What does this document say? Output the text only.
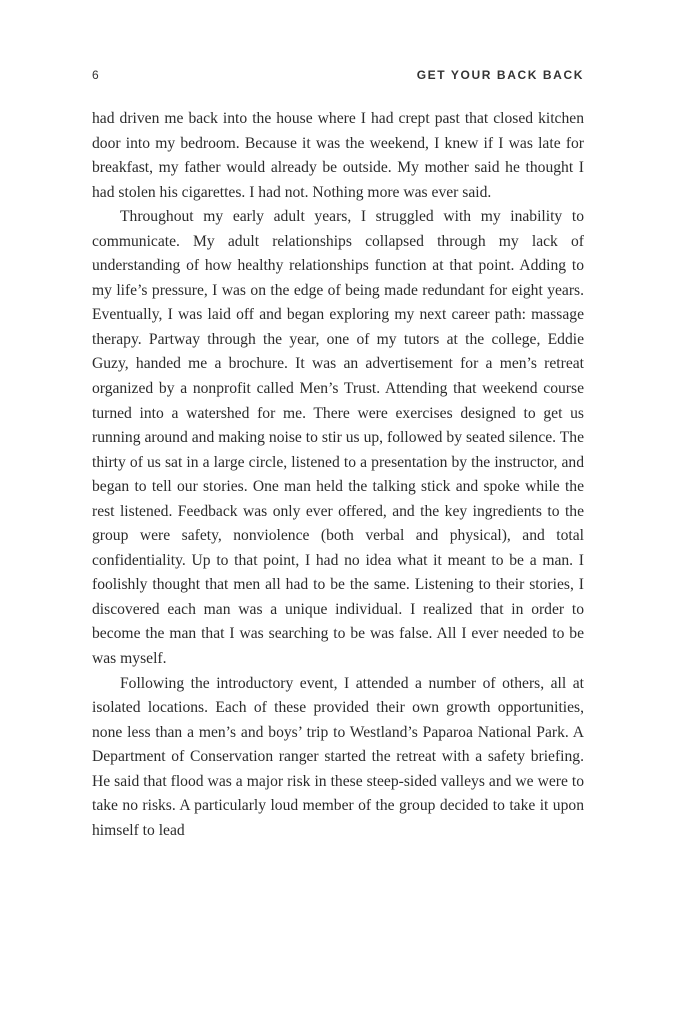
6	GET YOUR BACK BACK

had driven me back into the house where I had crept past that closed kitchen door into my bedroom. Because it was the weekend, I knew if I was late for breakfast, my father would already be outside. My mother said he thought I had stolen his cigarettes. I had not. Nothing more was ever said.

Throughout my early adult years, I struggled with my inability to communicate. My adult relationships collapsed through my lack of understanding of how healthy relationships function at that point. Adding to my life’s pressure, I was on the edge of being made redundant for eight years. Eventually, I was laid off and began exploring my next career path: massage therapy. Partway through the year, one of my tutors at the college, Eddie Guzy, handed me a brochure. It was an advertisement for a men’s retreat organized by a nonprofit called Men’s Trust. Attending that weekend course turned into a watershed for me. There were exercises designed to get us running around and making noise to stir us up, followed by seated silence. The thirty of us sat in a large circle, listened to a presentation by the instructor, and began to tell our stories. One man held the talking stick and spoke while the rest listened. Feedback was only ever offered, and the key ingredients to the group were safety, nonviolence (both verbal and physical), and total confidentiality. Up to that point, I had no idea what it meant to be a man. I foolishly thought that men all had to be the same. Listening to their stories, I discovered each man was a unique individual. I realized that in order to become the man that I was searching to be was false. All I ever needed to be was myself.

Following the introductory event, I attended a number of others, all at isolated locations. Each of these provided their own growth opportunities, none less than a men’s and boys’ trip to Westland’s Paparoa National Park. A Department of Conservation ranger started the retreat with a safety briefing. He said that flood was a major risk in these steep-sided valleys and we were to take no risks. A particularly loud member of the group decided to take it upon himself to lead
